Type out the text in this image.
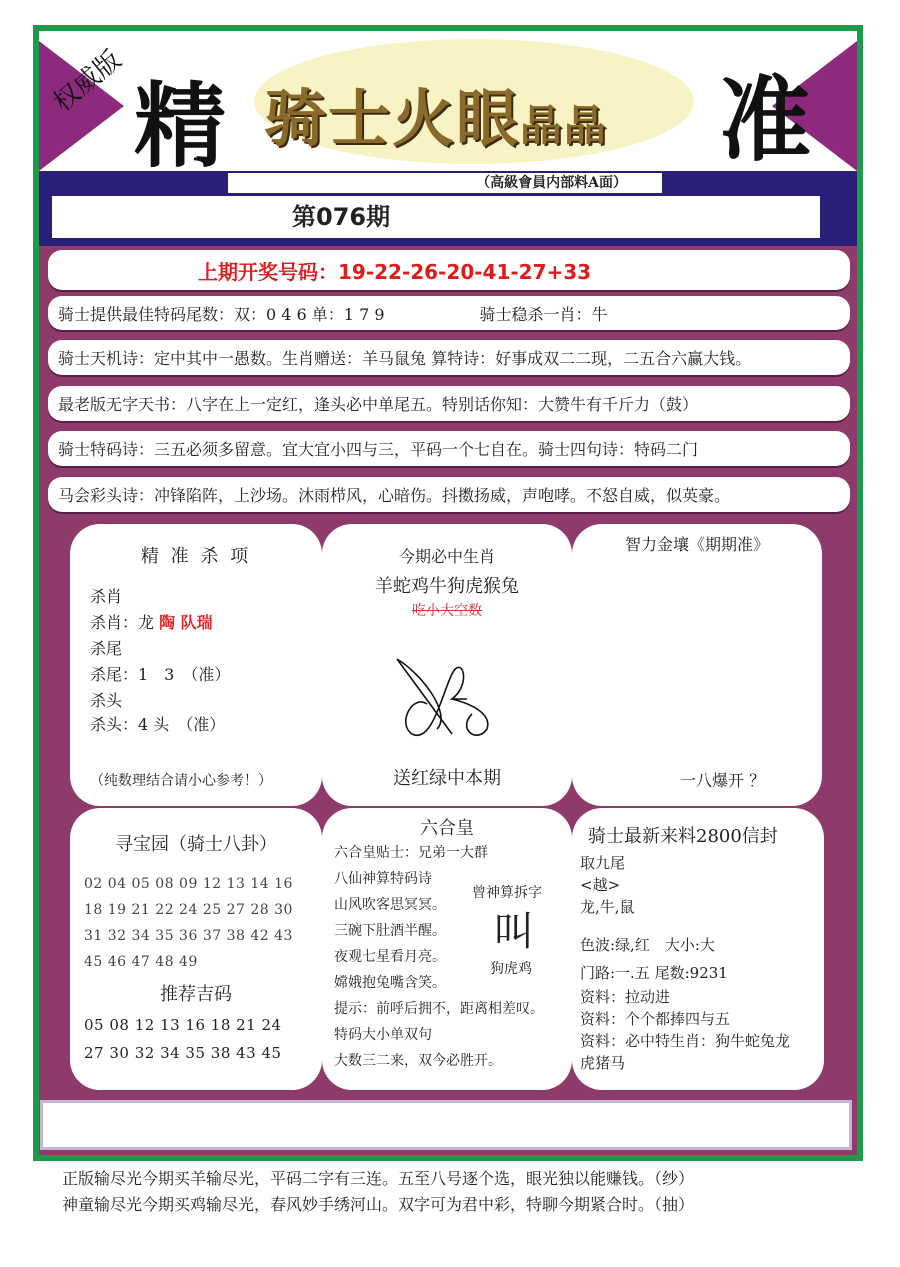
权威版 精 骑士火眼晶晶 准
（高級會員内部料A面）
第076期
上期开奖号码：19-22-26-20-41-27+33
骑士提供最佳特码尾数：双：0 4 6 单：1 7 9	骑士稳杀一肖：牛
骑士天机诗：定中其中一愚数。生肖赠送：羊马鼠兔 算特诗：好事成双二二现，二五合六赢大钱。
最老版无字天书：八字在上一定红，逢头必中单尾五。特别话你知：大赞牛有千斤力（鼓）
骑士特码诗：三五必须多留意。宜大宜小四与三，平码一个七自在。骑士四句诗：特码二门
马会彩头诗：冲锋陷阵，上沙场。沐雨栉风，心暗伤。抖擞扬威，声咆哮。不怒自威，似英豪。
精 准 杀 项
杀肖
杀肖：龙 陶 队瑞
杀尾
杀尾：1　3　（准）
杀头
杀头：4 头　（准）
（纯数理结合请小心参考！）
今期必中生肖
羊蛇鸡牛狗虎猴兔
吃小大空数
送红绿中本期
智力金壤《期期准》
一八爆开 ？
寻宝园（骑士八卦）
02 04 05 08 09 12 13 14 16
18 19 21 22 24 25 27 28 30
31 32 34 35 36 37 38 42 43
45 46 47 48 49
推荐吉码
05 08 12 13 16 18 21 24
27 30 32 34 35 38 43 45
六合皇
六合皇贴士：兄弟一大群
八仙神算特码诗
山风吹客思冥冥。
三碗下肚酒半醒。
夜观七星看月亮。
嫦娥抱兔嘴含笑。
提示：前呼后拥不，距离相差叹。
特码大小单双句
大数三二来，双今必胜开。
曾神算拆字
叫
狗虎鸡
骑士最新来料2800信封
取九尾
<越>
龙,牛,鼠
色波:绿,红　大小:大
门路:一.五 尾数:9231
资料：拉动进
资料：个个都捧四与五
资料：必中特生肖：狗牛蛇兔龙
虎猪马
正版输尽光今期买羊输尽光，平码二字有三连。五至八号逐个选，眼光独以能赚钱。（纱）
神童输尽光今期买鸡输尽光，春风妙手绣河山。双字可为君中彩，特聊今期紧合时。（抽）
